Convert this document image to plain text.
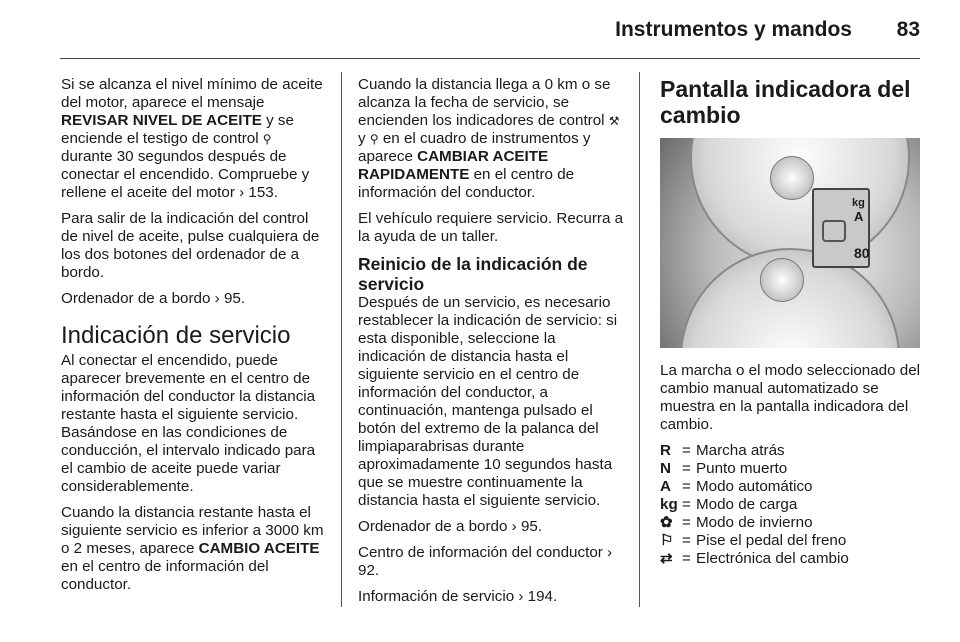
Instrumentos y mandos 83

Si se alcanza el nivel mínimo de aceite del motor, aparece el mensaje REVISAR NIVEL DE ACEITE y se enciende el testigo de control ⚲ durante 30 segundos después de conectar el encendido. Compruebe y rellene el aceite del motor › 153.

Para salir de la indicación del control de nivel de aceite, pulse cualquiera de los dos botones del ordenador de a bordo.

Ordenador de a bordo › 95.

Indicación de servicio

Al conectar el encendido, puede aparecer brevemente en el centro de información del conductor la distancia restante hasta el siguiente servicio. Basándose en las condiciones de conducción, el intervalo indicado para el cambio de aceite puede variar considerablemente.

Cuando la distancia restante hasta el siguiente servicio es inferior a 3000 km o 2 meses, aparece CAMBIO ACEITE en el centro de información del conductor.

Cuando la distancia llega a 0 km o se alcanza la fecha de servicio, se encienden los indicadores de control ⚒ y ⚲ en el cuadro de instrumentos y aparece CAMBIAR ACEITE RAPIDAMENTE en el centro de información del conductor.

El vehículo requiere servicio. Recurra a la ayuda de un taller.

Reinicio de la indicación de servicio

Después de un servicio, es necesario restablecer la indicación de servicio: si esta disponible, seleccione la indicación de distancia hasta el siguiente servicio en el centro de información del conductor, a continuación, mantenga pulsado el botón del extremo de la palanca del limpiaparabrisas durante aproximadamente 10 segundos hasta que se muestre continuamente la distancia hasta el siguiente servicio.

Ordenador de a bordo › 95.

Centro de información del conductor › 92.

Información de servicio › 194.

Pantalla indicadora del cambio
kg
A
80

La marcha o el modo seleccionado del cambio manual automatizado se muestra en la pantalla indicadora del cambio.

R = Marcha atrás
N = Punto muerto
A = Modo automático
kg = Modo de carga
✿ = Modo de invierno
⚐ = Pise el pedal del freno
⇄ = Electrónica del cambio
